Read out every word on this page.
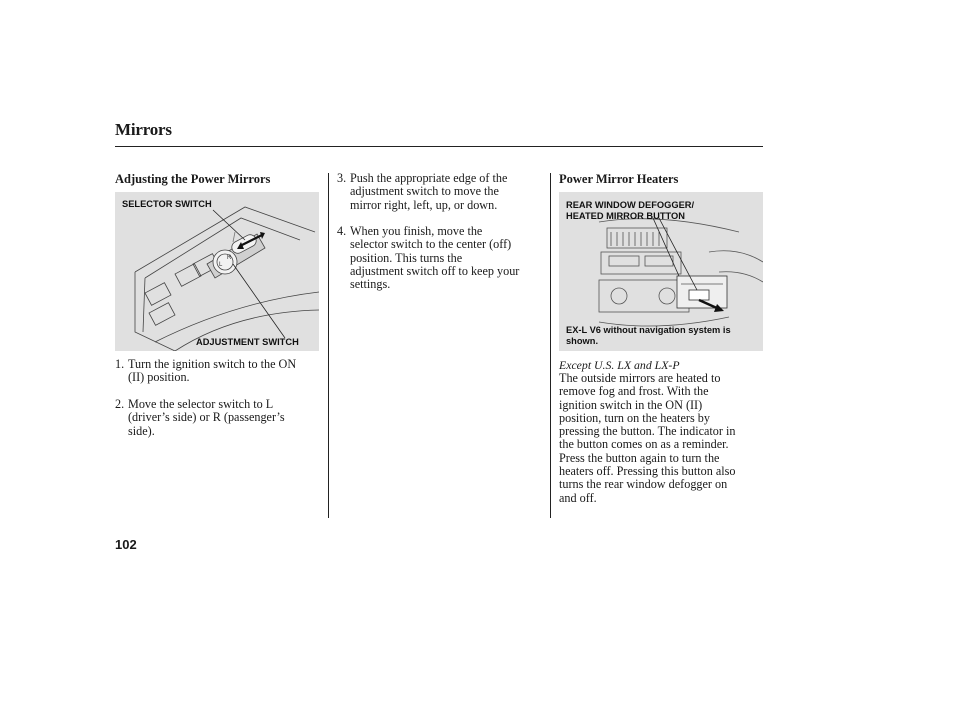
Mirrors
Adjusting the Power Mirrors
L
R
SELECTOR SWITCH
ADJUSTMENT SWITCH
1. Turn the ignition switch to the ON
(II) position.
2. Move the selector switch to L
(driver’s side) or R (passenger’s
side).
3. Push the appropriate edge of the
adjustment switch to move the
mirror right, left, up, or down.
4. When you finish, move the
selector switch to the center (off)
position. This turns the
adjustment switch off to keep your
settings.
Power Mirror Heaters
REAR WINDOW DEFOGGER/
HEATED MIRROR BUTTON
EX-L V6 without navigation system is
shown.
Except U.S. LX and LX-P
The outside mirrors are heated to
remove fog and frost. With the
ignition switch in the ON (II)
position, turn on the heaters by
pressing the button. The indicator in
the button comes on as a reminder.
Press the button again to turn the
heaters off. Pressing this button also
turns the rear window defogger on
and off.
102
